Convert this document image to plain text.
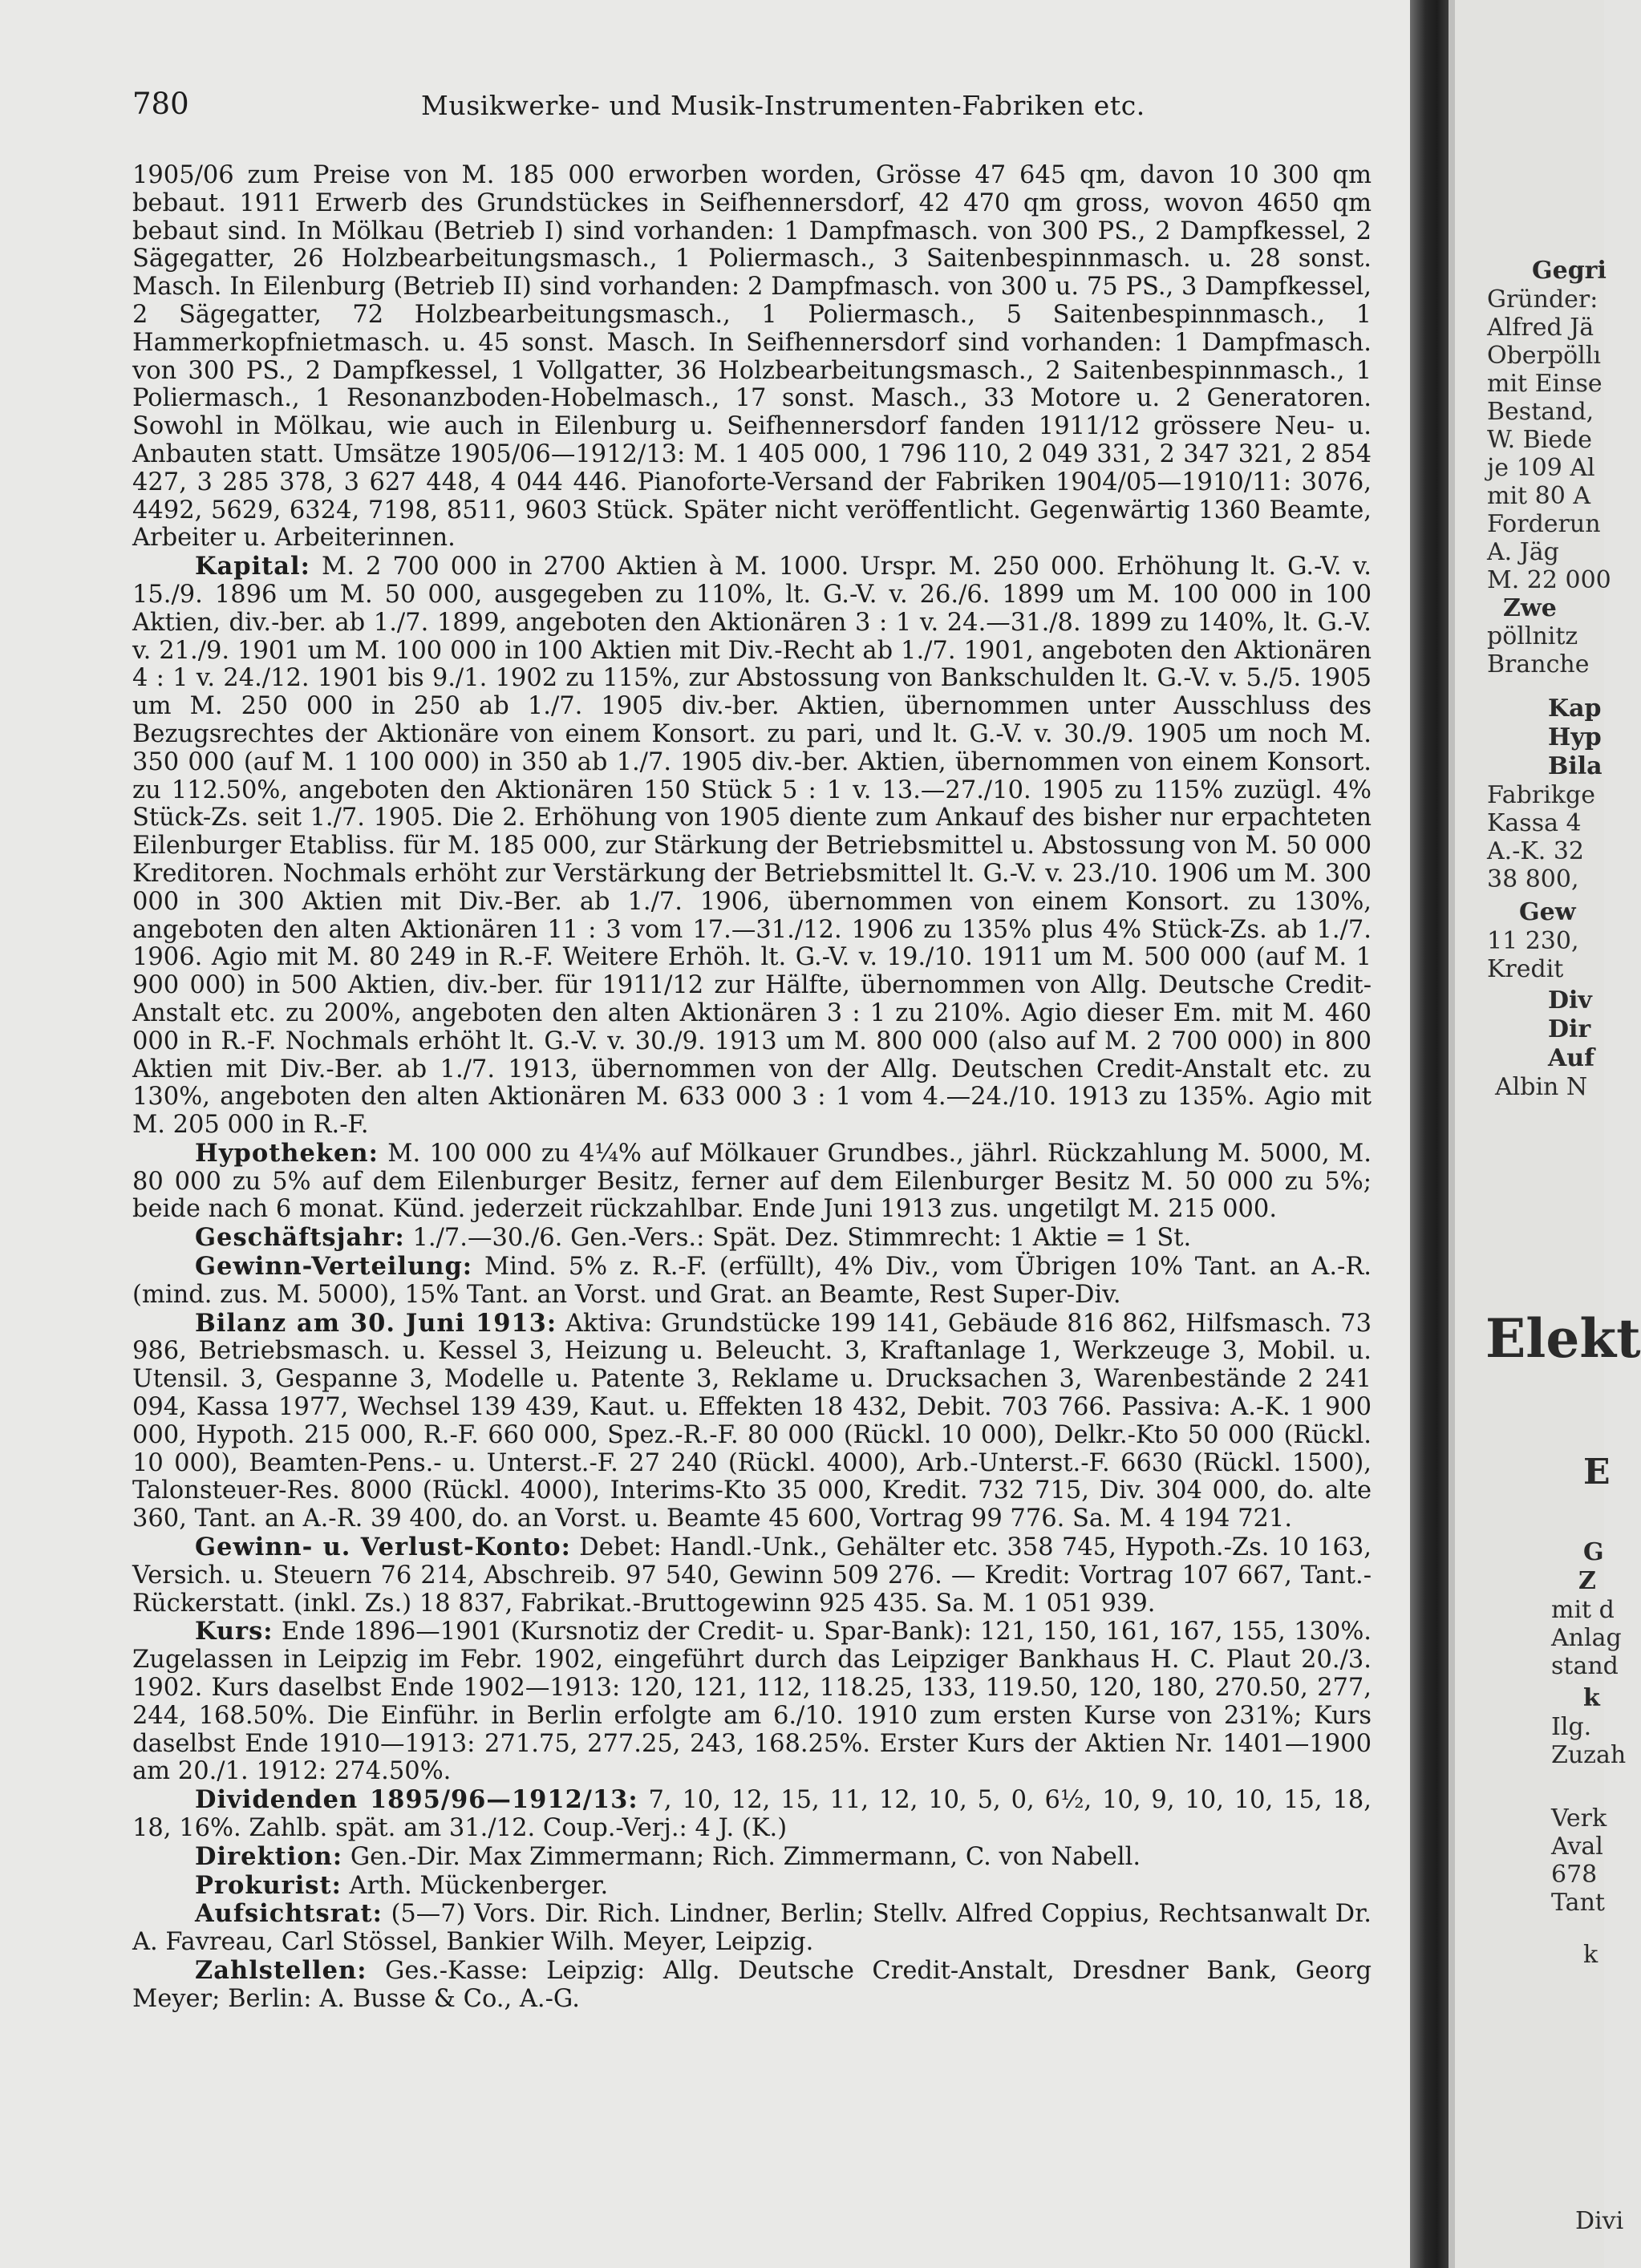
780	Musikwerke- und Musik-Instrumenten-Fabriken etc.

1905/06 zum Preise von M. 185 000 erworben worden, Grösse 47 645 qm, davon 10 300 qm bebaut. 1911 Erwerb des Grundstückes in Seifhennersdorf, 42 470 qm gross, wovon 4650 qm bebaut sind. In Mölkau (Betrieb I) sind vorhanden: 1 Dampfmasch. von 300 PS., 2 Dampfkessel, 2 Sägegatter, 26 Holzbearbeitungsmasch., 1 Poliermasch., 3 Saitenbespinnmasch. u. 28 sonst. Masch. In Eilenburg (Betrieb II) sind vorhanden: 2 Dampfmasch. von 300 u. 75 PS., 3 Dampfkessel, 2 Sägegatter, 72 Holzbearbeitungsmasch., 1 Poliermasch., 5 Saitenbespinnmasch., 1 Hammerkopfnietmasch. u. 45 sonst. Masch. In Seifhennersdorf sind vorhanden: 1 Dampfmasch. von 300 PS., 2 Dampfkessel, 1 Vollgatter, 36 Holzbearbeitungsmasch., 2 Saitenbespinnmasch., 1 Poliermasch., 1 Resonanzboden-Hobelmasch., 17 sonst. Masch., 33 Motore u. 2 Generatoren. Sowohl in Mölkau, wie auch in Eilenburg u. Seifhennersdorf fanden 1911/12 grössere Neu- u. Anbauten statt. Umsätze 1905/06—1912/13: M. 1 405 000, 1 796 110, 2 049 331, 2 347 321, 2 854 427, 3 285 378, 3 627 448, 4 044 446. Pianoforte-Versand der Fabriken 1904/05—1910/11: 3076, 4492, 5629, 6324, 7198, 8511, 9603 Stück. Später nicht veröffentlicht. Gegenwärtig 1360 Beamte, Arbeiter u. Arbeiterinnen.

Kapital: M. 2 700 000 in 2700 Aktien à M. 1000. Urspr. M. 250 000. Erhöhung lt. G.-V. v. 15./9. 1896 um M. 50 000, ausgegeben zu 110%, lt. G.-V. v. 26./6. 1899 um M. 100 000 in 100 Aktien, div.-ber. ab 1./7. 1899, angeboten den Aktionären 3 : 1 v. 24.—31./8. 1899 zu 140%, lt. G.-V. v. 21./9. 1901 um M. 100 000 in 100 Aktien mit Div.-Recht ab 1./7. 1901, angeboten den Aktionären 4 : 1 v. 24./12. 1901 bis 9./1. 1902 zu 115%, zur Abstossung von Bankschulden lt. G.-V. v. 5./5. 1905 um M. 250 000 in 250 ab 1./7. 1905 div.-ber. Aktien, übernommen unter Ausschluss des Bezugsrechtes der Aktionäre von einem Konsort. zu pari, und lt. G.-V. v. 30./9. 1905 um noch M. 350 000 (auf M. 1 100 000) in 350 ab 1./7. 1905 div.-ber. Aktien, übernommen von einem Konsort. zu 112.50%, angeboten den Aktionären 150 Stück 5 : 1 v. 13.—27./10. 1905 zu 115% zuzügl. 4% Stück-Zs. seit 1./7. 1905. Die 2. Erhöhung von 1905 diente zum Ankauf des bisher nur erpachteten Eilenburger Etabliss. für M. 185 000, zur Stärkung der Betriebsmittel u. Abstossung von M. 50 000 Kreditoren. Nochmals erhöht zur Verstärkung der Betriebsmittel lt. G.-V. v. 23./10. 1906 um M. 300 000 in 300 Aktien mit Div.-Ber. ab 1./7. 1906, übernommen von einem Konsort. zu 130%, angeboten den alten Aktionären 11 : 3 vom 17.—31./12. 1906 zu 135% plus 4% Stück-Zs. ab 1./7. 1906. Agio mit M. 80 249 in R.-F. Weitere Erhöh. lt. G.-V. v. 19./10. 1911 um M. 500 000 (auf M. 1 900 000) in 500 Aktien, div.-ber. für 1911/12 zur Hälfte, übernommen von Allg. Deutsche Credit-Anstalt etc. zu 200%, angeboten den alten Aktionären 3 : 1 zu 210%. Agio dieser Em. mit M. 460 000 in R.-F. Nochmals erhöht lt. G.-V. v. 30./9. 1913 um M. 800 000 (also auf M. 2 700 000) in 800 Aktien mit Div.-Ber. ab 1./7. 1913, übernommen von der Allg. Deutschen Credit-Anstalt etc. zu 130%, angeboten den alten Aktionären M. 633 000 3 : 1 vom 4.—24./10. 1913 zu 135%. Agio mit M. 205 000 in R.-F.

Hypotheken: M. 100 000 zu 4¼% auf Mölkauer Grundbes., jährl. Rückzahlung M. 5000, M. 80 000 zu 5% auf dem Eilenburger Besitz, ferner auf dem Eilenburger Besitz M. 50 000 zu 5%; beide nach 6 monat. Künd. jederzeit rückzahlbar. Ende Juni 1913 zus. ungetilgt M. 215 000.

Geschäftsjahr: 1./7.—30./6. Gen.-Vers.: Spät. Dez. Stimmrecht: 1 Aktie = 1 St.

Gewinn-Verteilung: Mind. 5% z. R.-F. (erfüllt), 4% Div., vom Übrigen 10% Tant. an A.-R. (mind. zus. M. 5000), 15% Tant. an Vorst. und Grat. an Beamte, Rest Super-Div.

Bilanz am 30. Juni 1913: Aktiva: Grundstücke 199 141, Gebäude 816 862, Hilfsmasch. 73 986, Betriebsmasch. u. Kessel 3, Heizung u. Beleucht. 3, Kraftanlage 1, Werkzeuge 3, Mobil. u. Utensil. 3, Gespanne 3, Modelle u. Patente 3, Reklame u. Drucksachen 3, Warenbestände 2 241 094, Kassa 1977, Wechsel 139 439, Kaut. u. Effekten 18 432, Debit. 703 766. Passiva: A.-K. 1 900 000, Hypoth. 215 000, R.-F. 660 000, Spez.-R.-F. 80 000 (Rückl. 10 000), Delkr.-Kto 50 000 (Rückl. 10 000), Beamten-Pens.- u. Unterst.-F. 27 240 (Rückl. 4000), Arb.-Unterst.-F. 6630 (Rückl. 1500), Talonsteuer-Res. 8000 (Rückl. 4000), Interims-Kto 35 000, Kredit. 732 715, Div. 304 000, do. alte 360, Tant. an A.-R. 39 400, do. an Vorst. u. Beamte 45 600, Vortrag 99 776. Sa. M. 4 194 721.

Gewinn- u. Verlust-Konto: Debet: Handl.-Unk., Gehälter etc. 358 745, Hypoth.-Zs. 10 163, Versich. u. Steuern 76 214, Abschreib. 97 540, Gewinn 509 276. — Kredit: Vortrag 107 667, Tant.-Rückerstatt. (inkl. Zs.) 18 837, Fabrikat.-Bruttogewinn 925 435. Sa. M. 1 051 939.

Kurs: Ende 1896—1901 (Kursnotiz der Credit- u. Spar-Bank): 121, 150, 161, 167, 155, 130%. Zugelassen in Leipzig im Febr. 1902, eingeführt durch das Leipziger Bankhaus H. C. Plaut 20./3. 1902. Kurs daselbst Ende 1902—1913: 120, 121, 112, 118.25, 133, 119.50, 120, 180, 270.50, 277, 244, 168.50%. Die Einführ. in Berlin erfolgte am 6./10. 1910 zum ersten Kurse von 231%; Kurs daselbst Ende 1910—1913: 271.75, 277.25, 243, 168.25%. Erster Kurs der Aktien Nr. 1401—1900 am 20./1. 1912: 274.50%.

Dividenden 1895/96—1912/13: 7, 10, 12, 15, 11, 12, 10, 5, 0, 6½, 10, 9, 10, 10, 15, 18, 18, 16%. Zahlb. spät. am 31./12. Coup.-Verj.: 4 J. (K.)

Direktion: Gen.-Dir. Max Zimmermann; Rich. Zimmermann, C. von Nabell.

Prokurist: Arth. Mückenberger.

Aufsichtsrat: (5—7) Vors. Dir. Rich. Lindner, Berlin; Stellv. Alfred Coppius, Rechtsanwalt Dr. A. Favreau, Carl Stössel, Bankier Wilh. Meyer, Leipzig.

Zahlstellen: Ges.-Kasse: Leipzig: Allg. Deutsche Credit-Anstalt, Dresdner Bank, Georg Meyer; Berlin: A. Busse & Co., A.-G.

Gegri
Gründer:
Alfred Jä
Oberpöllı
mit Einse
Bestand,
W. Biede
je 109 Al
mit 80 A
Forderun
A. Jäg
M. 22 000
Zwe
pöllnitz
Branche
Kap
Hyp
Bila
Fabrikge
Kassa 4
A.-K. 32
38 800,
Gew
11 230,
Kredit
Div
Dir
Auf
Albin N
Elekt
E
G
Z
mit d
Anlag
stand
k
Ilg.
Zuzah
Verk
Aval
678
Tant
k
Divi
